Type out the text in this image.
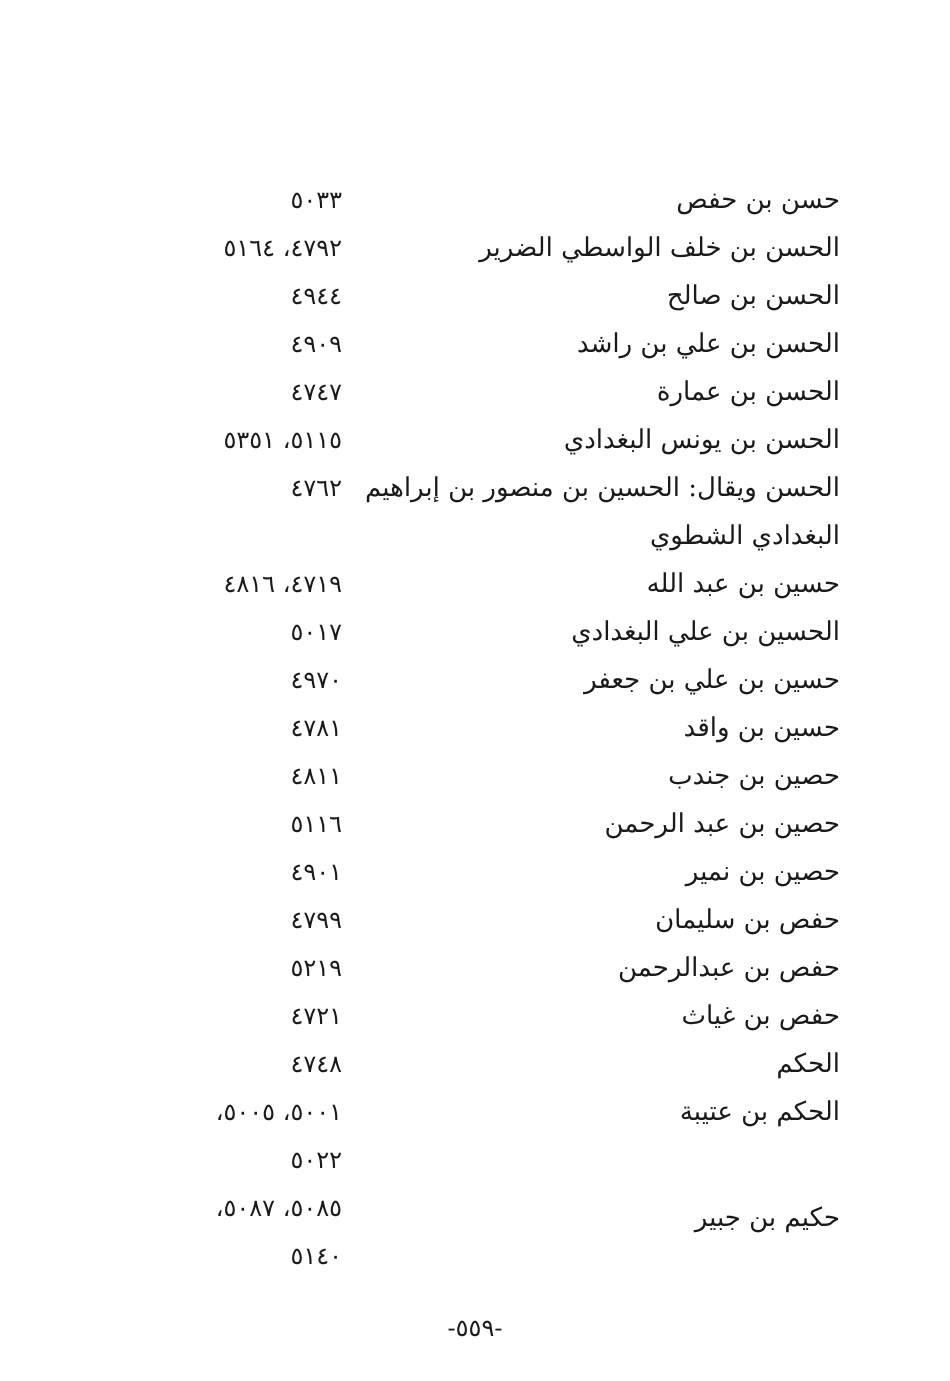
حسن بن حفص
٥٠٣٣
الحسن بن خلف الواسطي الضرير
٤٧٩٢، ٥١٦٤
الحسن بن صالح
٤٩٤٤
الحسن بن علي بن راشد
٤٩٠٩
الحسن بن عمارة
٤٧٤٧
الحسن بن يونس البغدادي
٥١١٥، ٥٣٥١
الحسن ويقال: الحسين بن منصور بن إبراهيم
٤٧٦٢
البغدادي الشطوي
حسين بن عبد الله
٤٧١٩، ٤٨١٦
الحسين بن علي البغدادي
٥٠١٧
حسين بن علي بن جعفر
٤٩٧٠
حسين بن واقد
٤٧٨١
حصين بن جندب
٤٨١١
حصين بن عبد الرحمن
٥١١٦
حصين بن نمير
٤٩٠١
حفص بن سليمان
٤٧٩٩
حفص بن عبدالرحمن
٥٢١٩
حفص بن غياث
٤٧٢١
الحكم
٤٧٤٨
الحكم بن عتيبة
٥٠٠١، ٥٠٠٥،
٥٠٢٢
حكيم بن جبير
٥٠٨٥، ٥٠٨٧،
٥١٤٠
-٥٥٩-
